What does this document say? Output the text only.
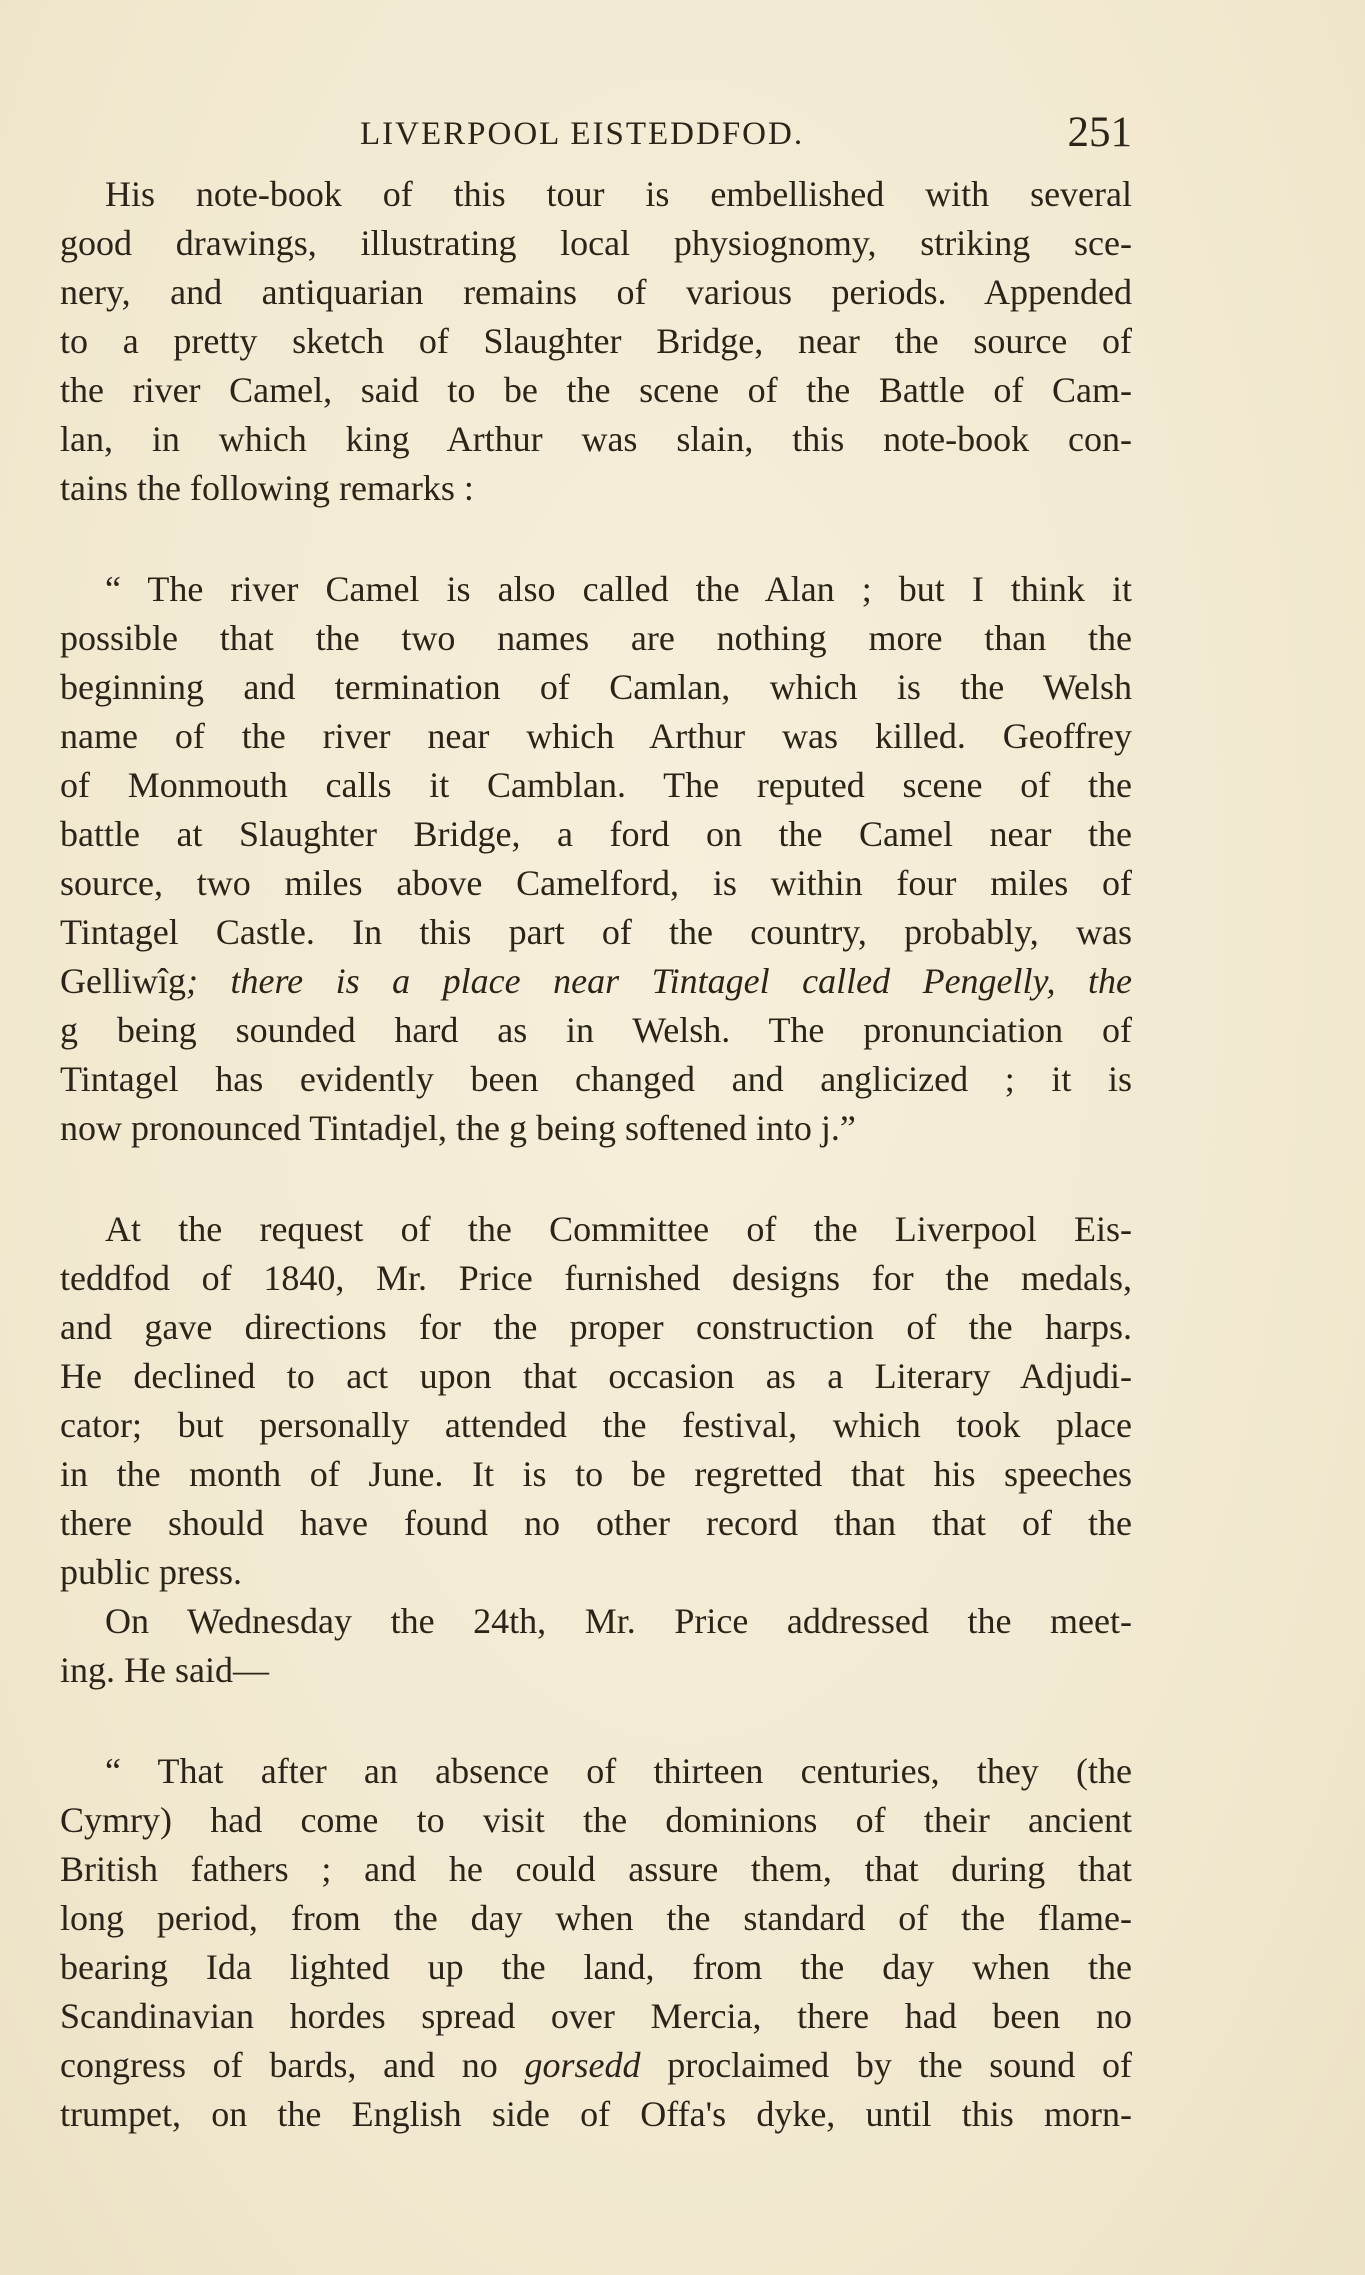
LIVERPOOL EISTEDDFOD.	251
His note-book of this tour is embellished with several
good drawings, illustrating local physiognomy, striking sce-
nery, and antiquarian remains of various periods. Appended
to a pretty sketch of Slaughter Bridge, near the source of
the river Camel, said to be the scene of the Battle of Cam-
lan, in which king Arthur was slain, this note-book con-
tains the following remarks :
“ The river Camel is also called the Alan ; but I think it
possible that the two names are nothing more than the
beginning and termination of Camlan, which is the Welsh
name of the river near which Arthur was killed. Geoffrey
of Monmouth calls it Camblan. The reputed scene of the
battle at Slaughter Bridge, a ford on the Camel near the
source, two miles above Camelford, is within four miles of
Tintagel Castle. In this part of the country, probably, was
Gelliwîg; there is a place near Tintagel called Pengelly, the
g being sounded hard as in Welsh. The pronunciation of
Tintagel has evidently been changed and anglicized ; it is
now pronounced Tintadjel, the g being softened into j.”
At the request of the Committee of the Liverpool Eis-
teddfod of 1840, Mr. Price furnished designs for the medals,
and gave directions for the proper construction of the harps.
He declined to act upon that occasion as a Literary Adjudi-
cator; but personally attended the festival, which took place
in the month of June. It is to be regretted that his speeches
there should have found no other record than that of the
public press.
On Wednesday the 24th, Mr. Price addressed the meet-
ing. He said—
“ That after an absence of thirteen centuries, they (the
Cymry) had come to visit the dominions of their ancient
British fathers ; and he could assure them, that during that
long period, from the day when the standard of the flame-
bearing Ida lighted up the land, from the day when the
Scandinavian hordes spread over Mercia, there had been no
congress of bards, and no gorsedd proclaimed by the sound of
trumpet, on the English side of Offa's dyke, until this morn-
